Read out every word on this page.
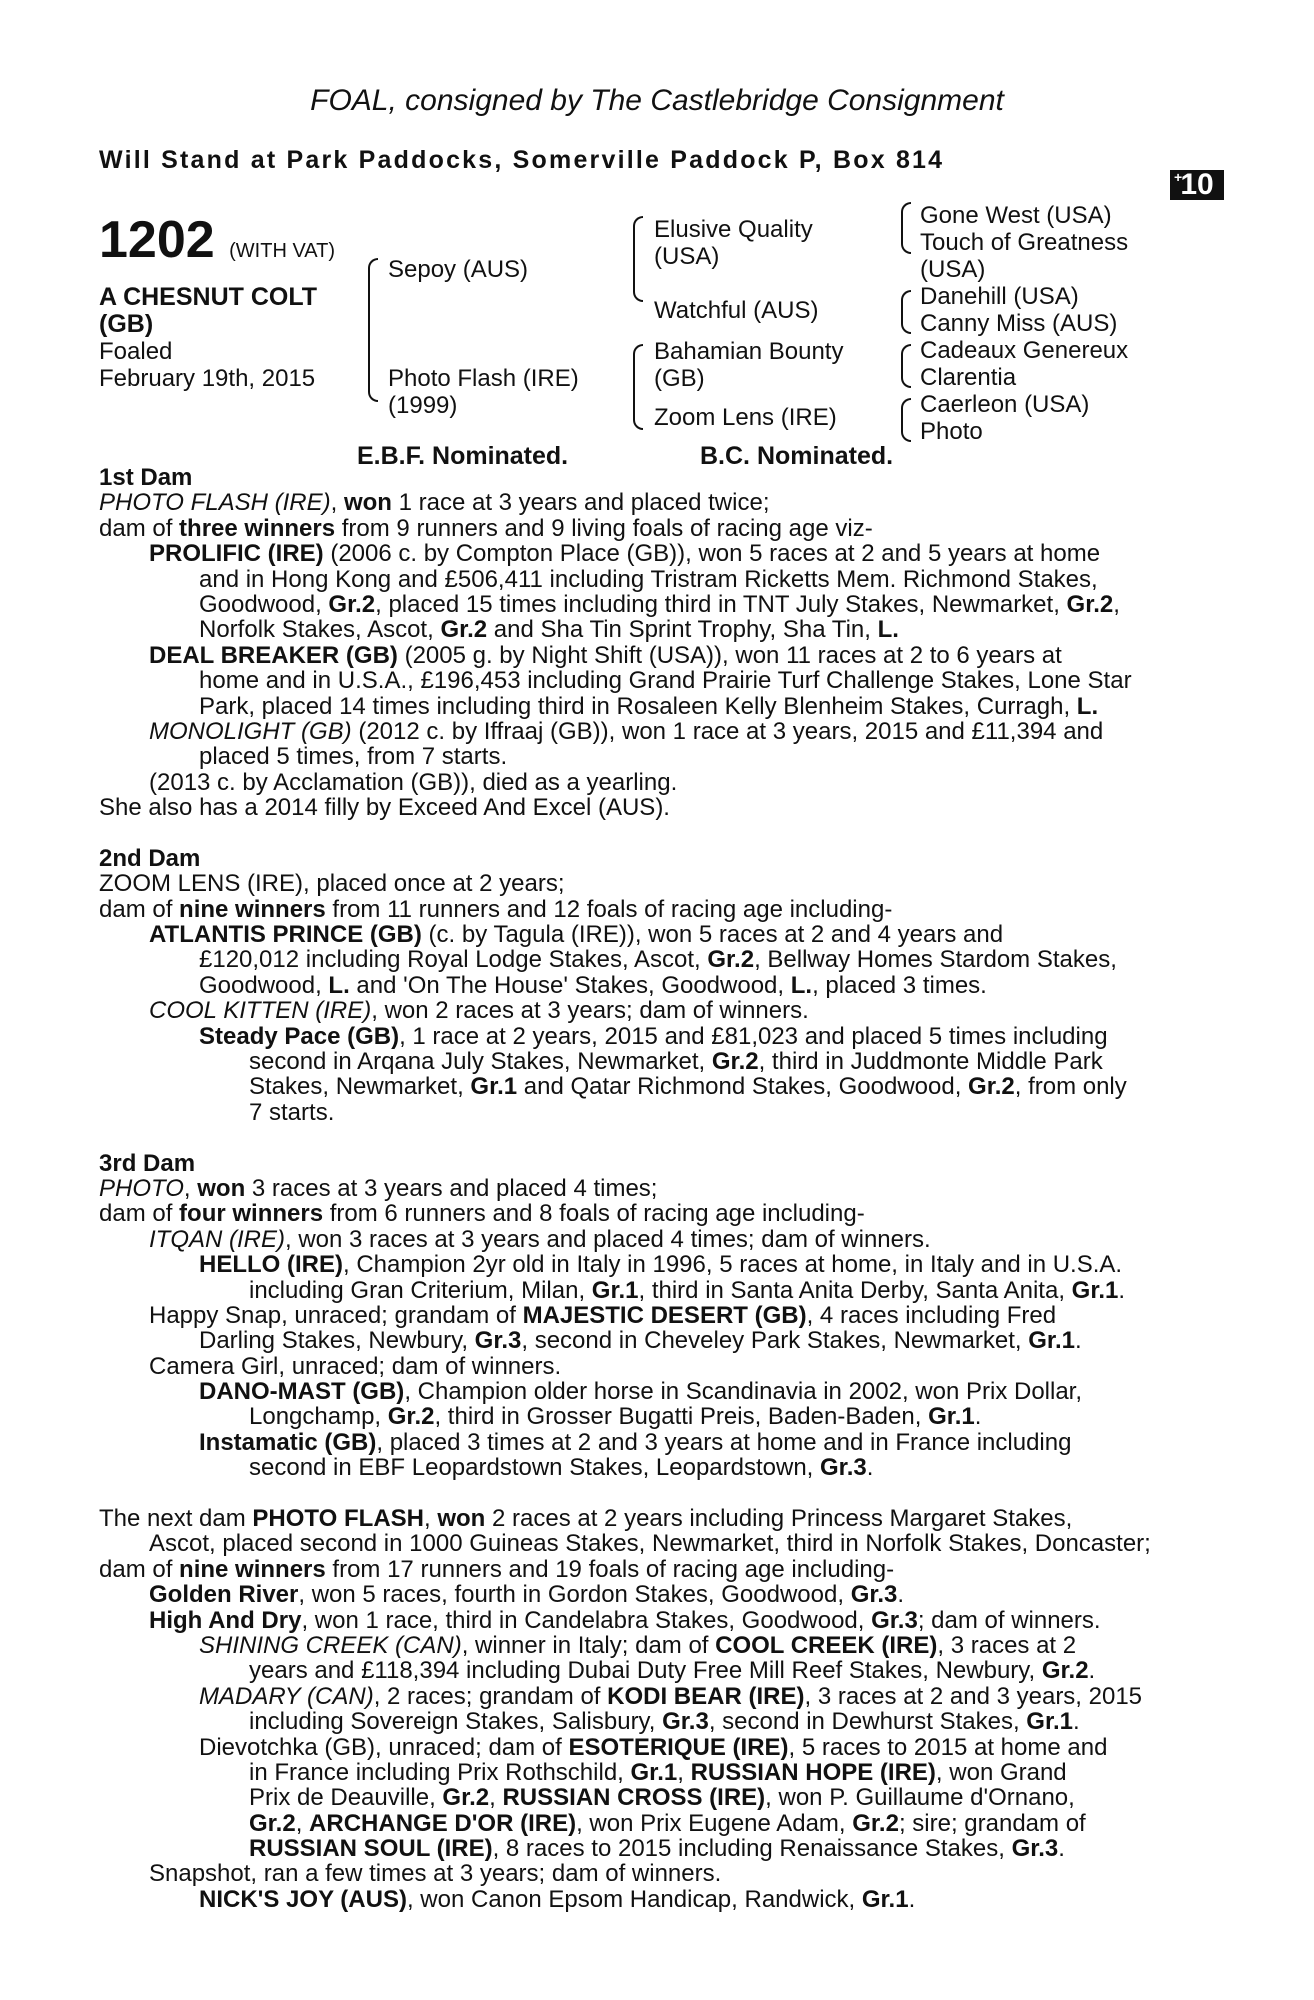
FOAL, consigned by The Castlebridge Consignment
Will Stand at Park Paddocks, Somerville Paddock P, Box 814
+
10
1202 (WITH VAT)
A CHESNUT COLT
(GB)
Foaled
February 19th, 2015
Sepoy (AUS)
Photo Flash (IRE)
(1999)
Elusive Quality
(USA)
Watchful (AUS)
Bahamian Bounty
(GB)
Zoom Lens (IRE)
Gone West (USA)
Touch of Greatness
(USA)
Danehill (USA)
Canny Miss (AUS)
Cadeaux Genereux
Clarentia
Caerleon (USA)
Photo
E.B.F. Nominated.	B.C. Nominated.
1st Dam
PHOTO FLASH (IRE), won 1 race at 3 years and placed twice;
dam of three winners from 9 runners and 9 living foals of racing age viz-
PROLIFIC (IRE) (2006 c. by Compton Place (GB)), won 5 races at 2 and 5 years at home
and in Hong Kong and £506,411 including Tristram Ricketts Mem. Richmond Stakes,
Goodwood, Gr.2, placed 15 times including third in TNT July Stakes, Newmarket, Gr.2,
Norfolk Stakes, Ascot, Gr.2 and Sha Tin Sprint Trophy, Sha Tin, L.
DEAL BREAKER (GB) (2005 g. by Night Shift (USA)), won 11 races at 2 to 6 years at
home and in U.S.A., £196,453 including Grand Prairie Turf Challenge Stakes, Lone Star
Park, placed 14 times including third in Rosaleen Kelly Blenheim Stakes, Curragh, L.
MONOLIGHT (GB) (2012 c. by Iffraaj (GB)), won 1 race at 3 years, 2015 and £11,394 and
placed 5 times, from 7 starts.
(2013 c. by Acclamation (GB)), died as a yearling.
She also has a 2014 filly by Exceed And Excel (AUS).
2nd Dam
ZOOM LENS (IRE), placed once at 2 years;
dam of nine winners from 11 runners and 12 foals of racing age including-
ATLANTIS PRINCE (GB) (c. by Tagula (IRE)), won 5 races at 2 and 4 years and
£120,012 including Royal Lodge Stakes, Ascot, Gr.2, Bellway Homes Stardom Stakes,
Goodwood, L. and 'On The House' Stakes, Goodwood, L., placed 3 times.
COOL KITTEN (IRE), won 2 races at 3 years; dam of winners.
Steady Pace (GB), 1 race at 2 years, 2015 and £81,023 and placed 5 times including
second in Arqana July Stakes, Newmarket, Gr.2, third in Juddmonte Middle Park
Stakes, Newmarket, Gr.1 and Qatar Richmond Stakes, Goodwood, Gr.2, from only
7 starts.
3rd Dam
PHOTO, won 3 races at 3 years and placed 4 times;
dam of four winners from 6 runners and 8 foals of racing age including-
ITQAN (IRE), won 3 races at 3 years and placed 4 times; dam of winners.
HELLO (IRE), Champion 2yr old in Italy in 1996, 5 races at home, in Italy and in U.S.A.
including Gran Criterium, Milan, Gr.1, third in Santa Anita Derby, Santa Anita, Gr.1.
Happy Snap, unraced; grandam of MAJESTIC DESERT (GB), 4 races including Fred
Darling Stakes, Newbury, Gr.3, second in Cheveley Park Stakes, Newmarket, Gr.1.
Camera Girl, unraced; dam of winners.
DANO-MAST (GB), Champion older horse in Scandinavia in 2002, won Prix Dollar,
Longchamp, Gr.2, third in Grosser Bugatti Preis, Baden-Baden, Gr.1.
Instamatic (GB), placed 3 times at 2 and 3 years at home and in France including
second in EBF Leopardstown Stakes, Leopardstown, Gr.3.
The next dam PHOTO FLASH, won 2 races at 2 years including Princess Margaret Stakes,
Ascot, placed second in 1000 Guineas Stakes, Newmarket, third in Norfolk Stakes, Doncaster;
dam of nine winners from 17 runners and 19 foals of racing age including-
Golden River, won 5 races, fourth in Gordon Stakes, Goodwood, Gr.3.
High And Dry, won 1 race, third in Candelabra Stakes, Goodwood, Gr.3; dam of winners.
SHINING CREEK (CAN), winner in Italy; dam of COOL CREEK (IRE), 3 races at 2
years and £118,394 including Dubai Duty Free Mill Reef Stakes, Newbury, Gr.2.
MADARY (CAN), 2 races; grandam of KODI BEAR (IRE), 3 races at 2 and 3 years, 2015
including Sovereign Stakes, Salisbury, Gr.3, second in Dewhurst Stakes, Gr.1.
Dievotchka (GB), unraced; dam of ESOTERIQUE (IRE), 5 races to 2015 at home and
in France including Prix Rothschild, Gr.1, RUSSIAN HOPE (IRE), won Grand
Prix de Deauville, Gr.2, RUSSIAN CROSS (IRE), won P. Guillaume d'Ornano,
Gr.2, ARCHANGE D'OR (IRE), won Prix Eugene Adam, Gr.2; sire; grandam of
RUSSIAN SOUL (IRE), 8 races to 2015 including Renaissance Stakes, Gr.3.
Snapshot, ran a few times at 3 years; dam of winners.
NICK'S JOY (AUS), won Canon Epsom Handicap, Randwick, Gr.1.
